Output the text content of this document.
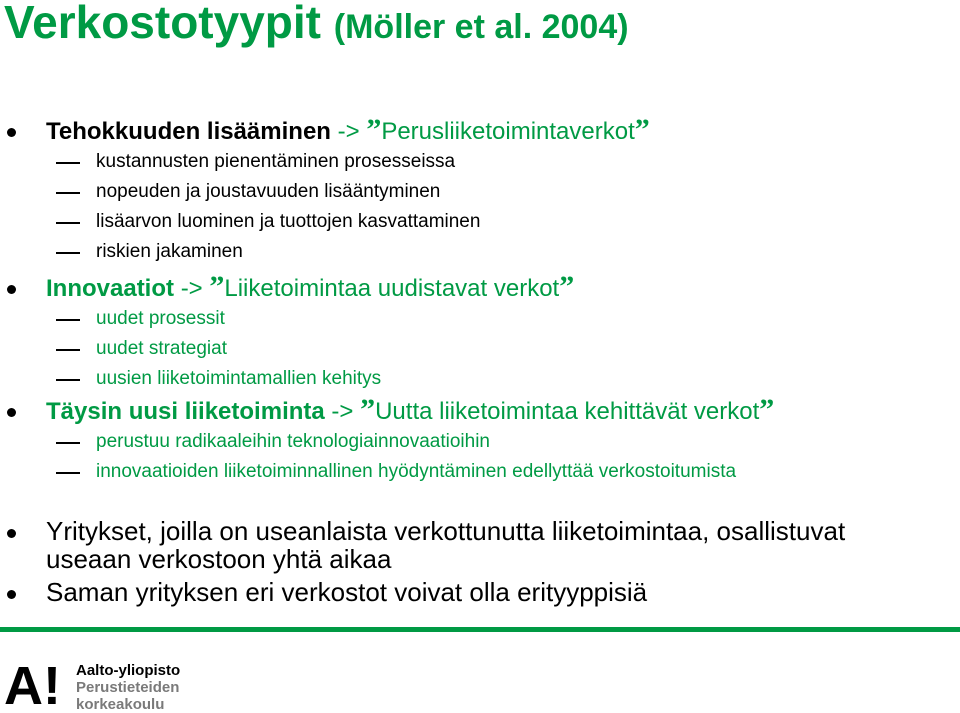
Verkostotyypit (Möller et al. 2004)
Tehokkuuden lisääminen -> ”Perusliiketoimintaverkot”
kustannusten pienentäminen prosesseissa
nopeuden ja joustavuuden lisääntyminen
lisäarvon luominen ja tuottojen kasvattaminen
riskien jakaminen
Innovaatiot -> ”Liiketoimintaa uudistavat verkot”
uudet prosessit
uudet strategiat
uusien liiketoimintamallien kehitys
Täysin uusi liiketoiminta -> ”Uutta liiketoimintaa kehittävät verkot”
perustuu radikaaleihin teknologiainnovaatioihin
innovaatioiden liiketoiminnallinen hyödyntäminen edellyttää verkostoitumista
Yritykset, joilla on useanlaista verkottunutta liiketoimintaa, osallistuvat
useaan verkostoon yhtä aikaa
Saman yrityksen eri verkostot voivat olla erityyppisiä
A! Aalto-yliopisto
Perustieteiden
korkeakoulu
